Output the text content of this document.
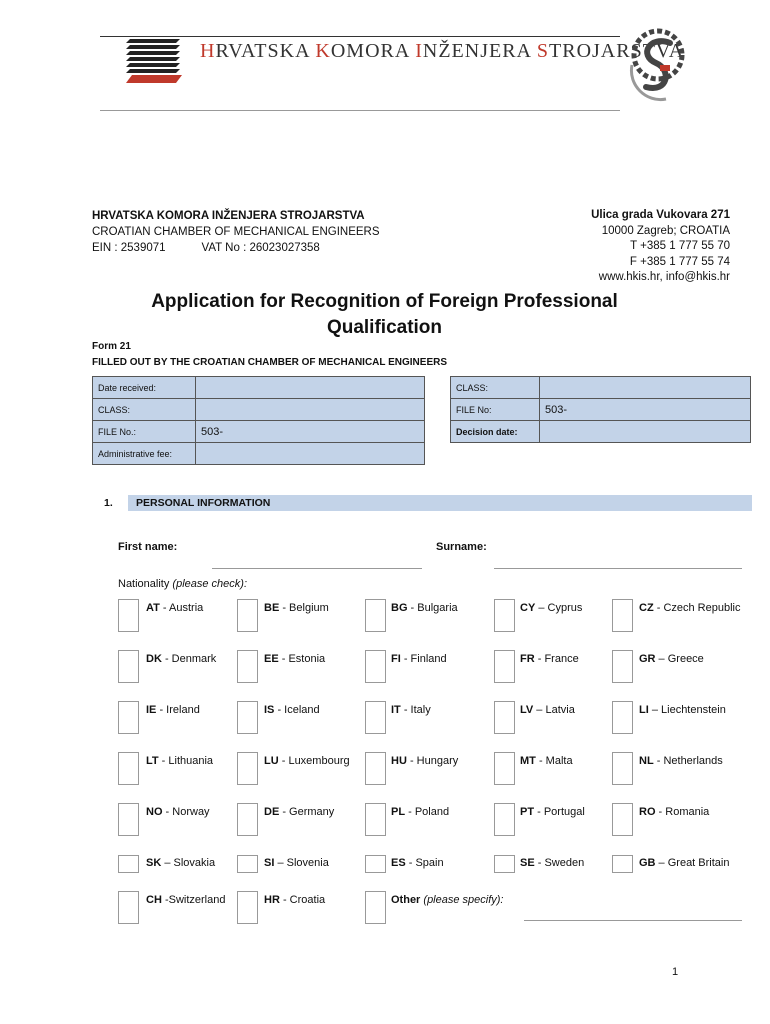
HRVATSKA KOMORA INŽENJERA STROJARSTVA
HRVATSKA KOMORA INŽENJERA STROJARSTVA
CROATIAN CHAMBER OF MECHANICAL ENGINEERS
EIN : 2539071	VAT No : 26023027358
Ulica grada Vukovara 271
10000 Zagreb; CROATIA
T +385 1 777 55 70
F +385 1 777 55 74
www.hkis.hr, info@hkis.hr
Application for Recognition of Foreign Professional Qualification
Form 21
FILLED OUT BY THE CROATIAN CHAMBER OF MECHANICAL ENGINEERS
Date received:	
CLASS:	
FILE No.:	503-
Administrative fee:	
CLASS:	
FILE No:	503-
Decision date:	
1. PERSONAL INFORMATION
First name:	Surname:
Nationality (please check):
AT - Austria	BE - Belgium	BG - Bulgaria	CY – Cyprus	CZ - Czech Republic
DK - Denmark	EE - Estonia	FI - Finland	FR - France	GR – Greece
IE - Ireland	IS - Iceland	IT - Italy	LV – Latvia	LI – Liechtenstein
LT - Lithuania	LU - Luxembourg	HU - Hungary	MT - Malta	NL - Netherlands
NO - Norway	DE - Germany	PL - Poland	PT - Portugal	RO - Romania
SK – Slovakia	SI – Slovenia	ES - Spain	SE - Sweden	GB – Great Britain
CH -Switzerland	HR - Croatia	Other (please specify):
1
